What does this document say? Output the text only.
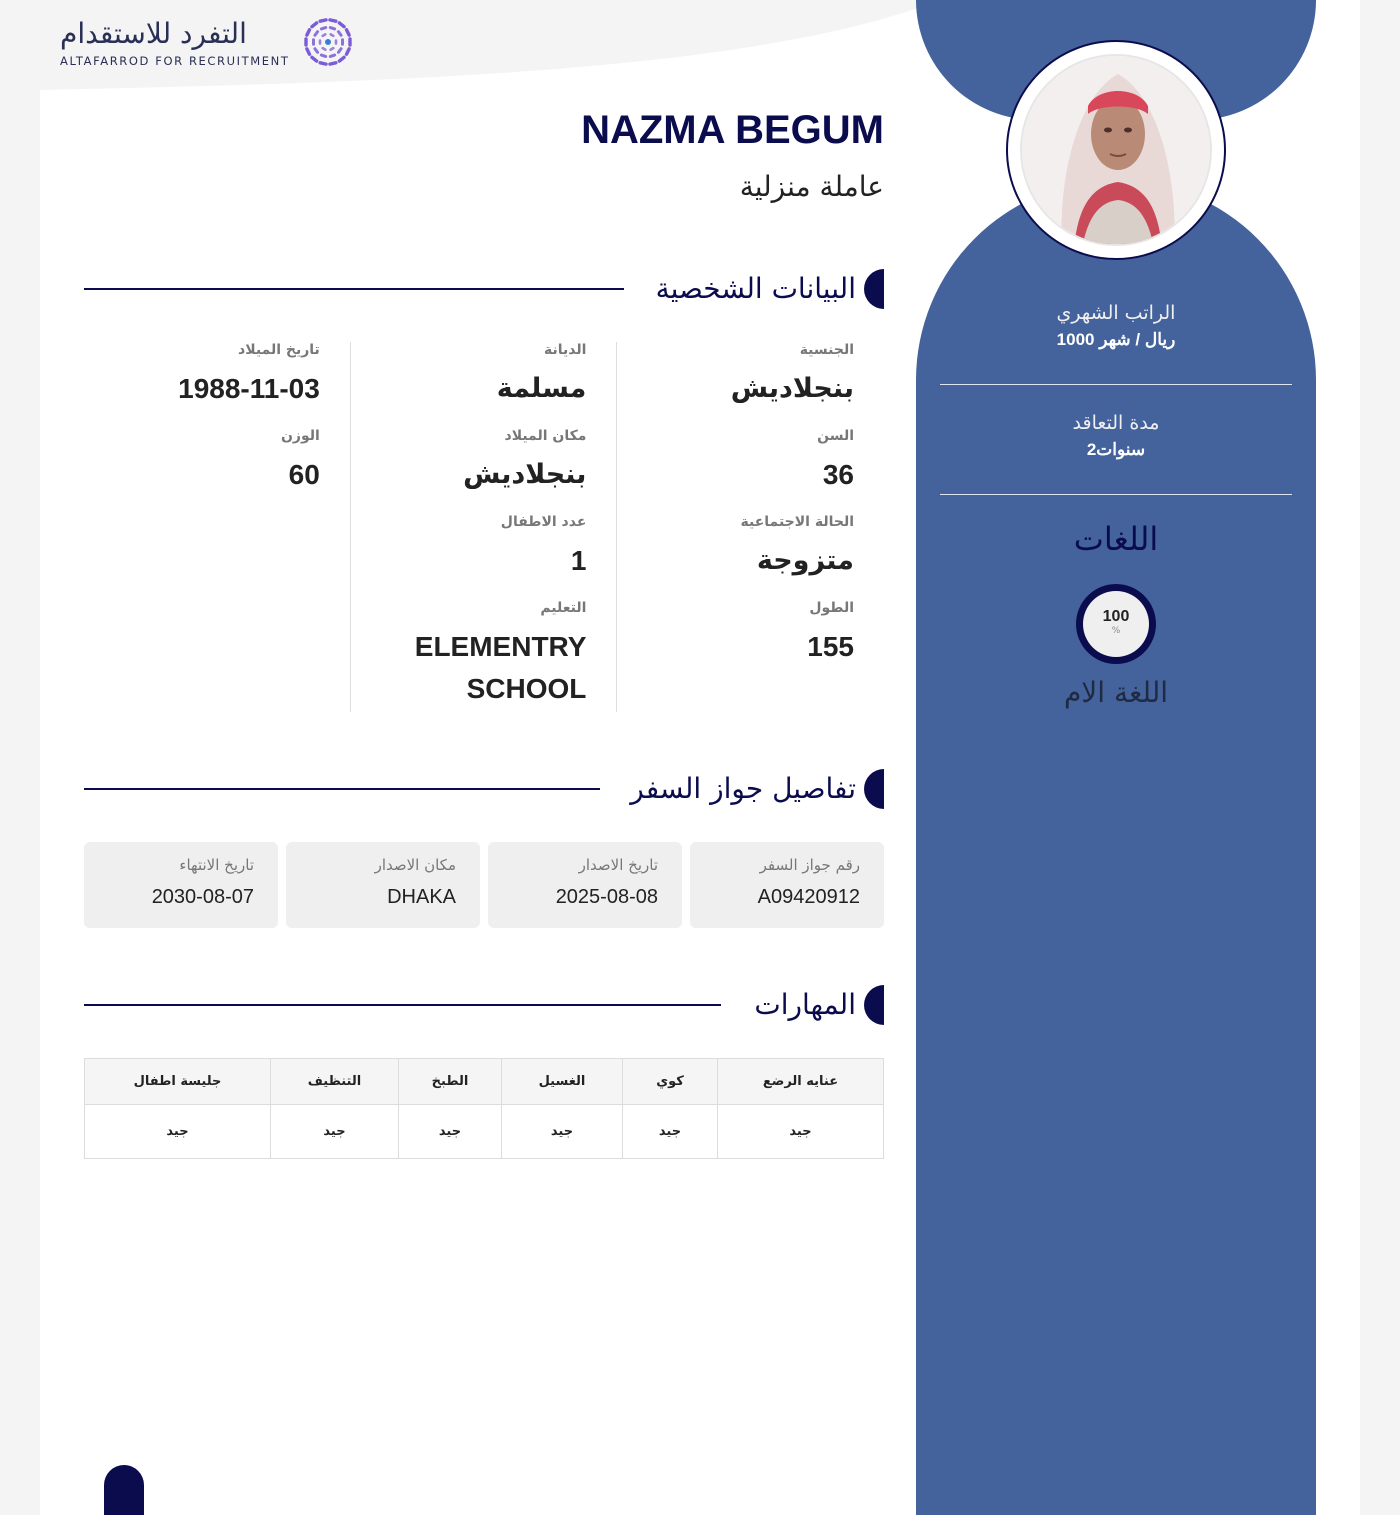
التفرد للاستقدام
ALTAFARROD FOR RECRUITMENT
NAZMA BEGUM
عاملة منزلية
البيانات الشخصية
الجنسية
بنجلاديش
السن
36
الحالة الاجتماعية
متزوجة
الطول
155
الديانة
مسلمة
مكان الميلاد
بنجلاديش
عدد الاطفال
1
التعليم
ELEMENTRY SCHOOL
تاريخ الميلاد
1988-11-03
الوزن
60
تفاصيل جواز السفر
رقم جواز السفر
A09420912
تاريخ الاصدار
2025-08-08
مكان الاصدار
DHAKA
تاريخ الانتهاء
2030-08-07
المهارات
عنايه الرضع	كوي	الغسيل	الطبخ	التنظيف	جليسة اطفال
جيد	جيد	جيد	جيد	جيد	جيد
الراتب الشهري
1000 ريال / شهر
مدة التعاقد
2سنوات
اللغات
100
%
اللغة الام
